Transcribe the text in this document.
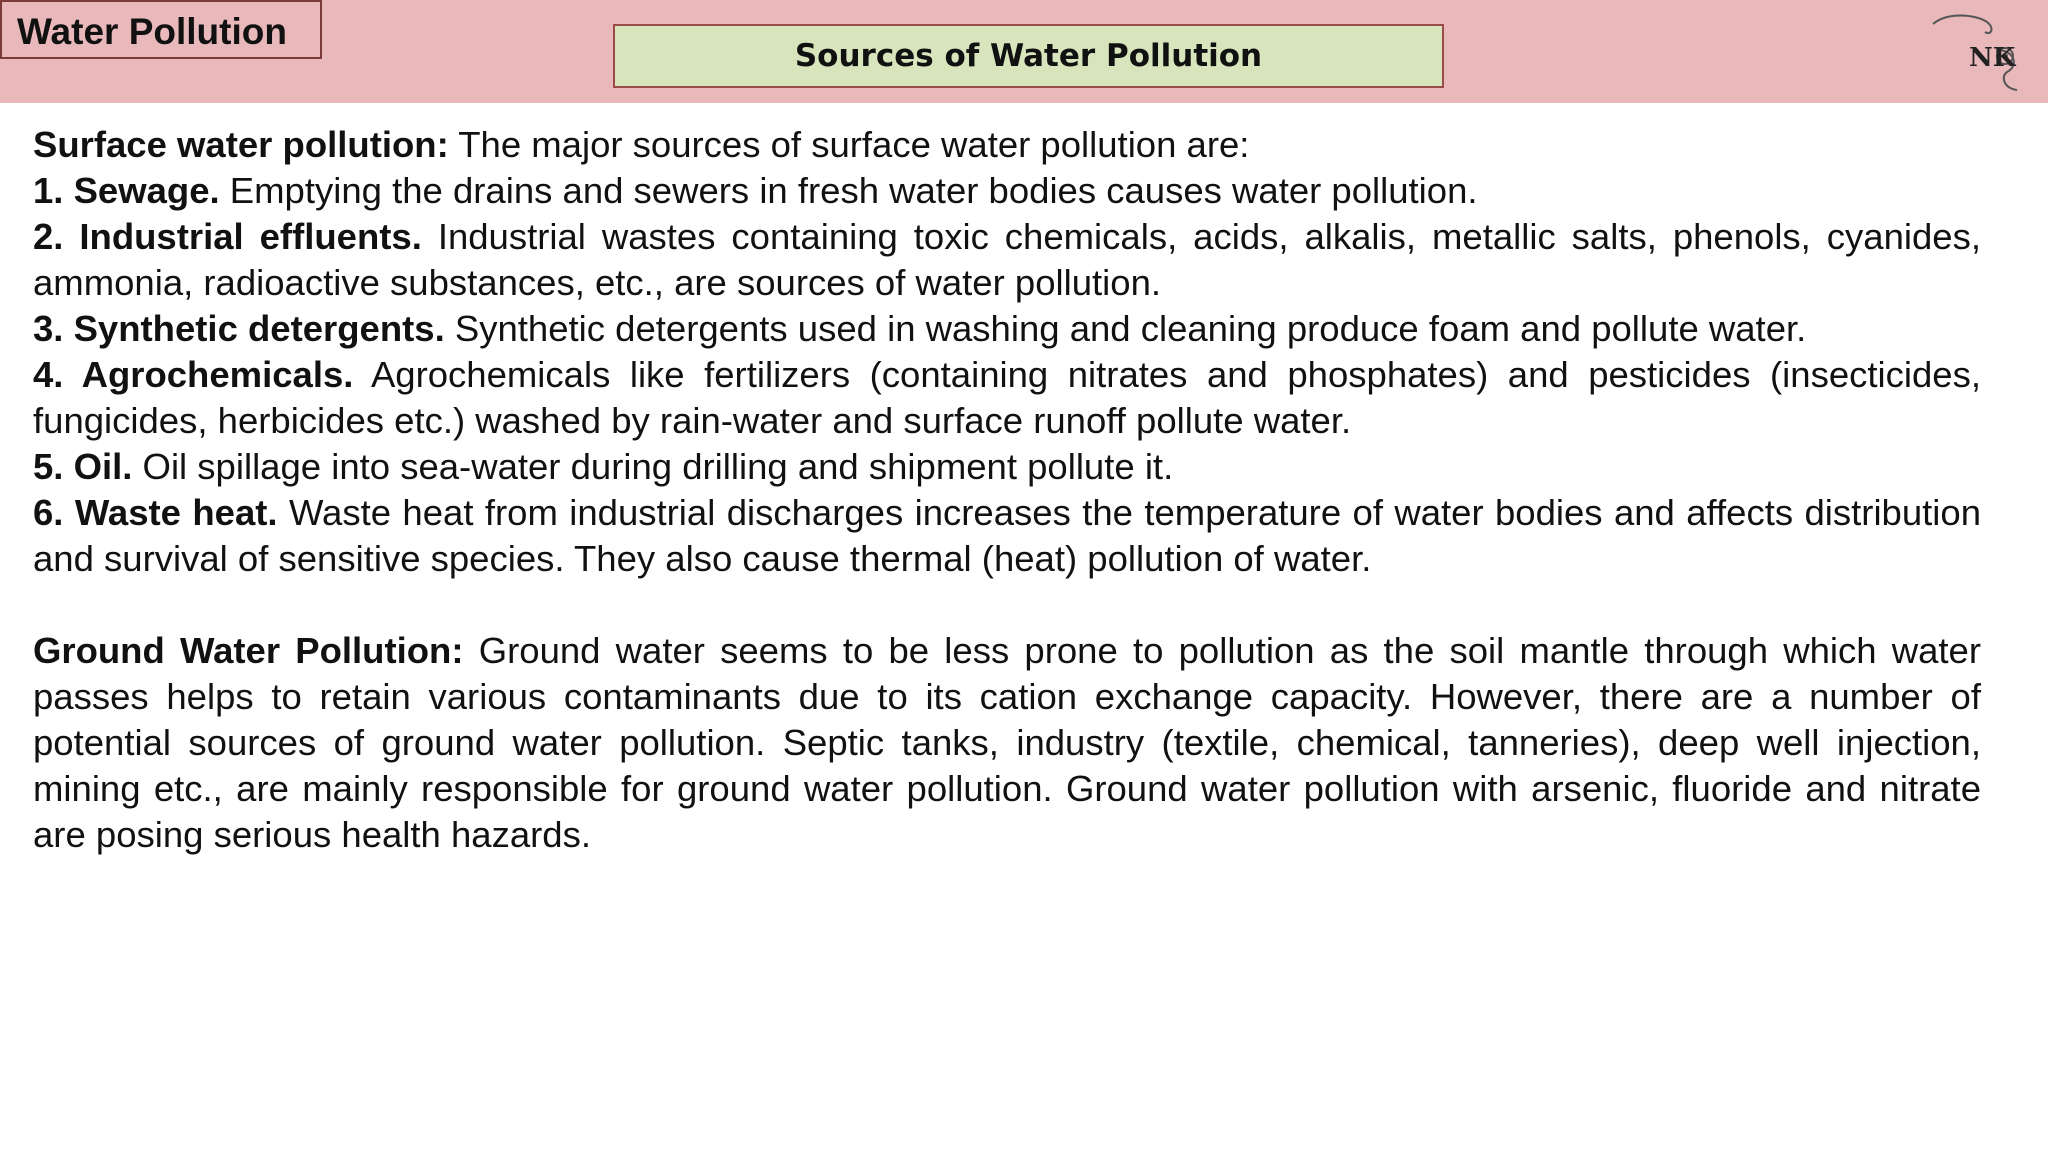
Water Pollution
Sources of Water Pollution	NK

Surface water pollution: The major sources of surface water pollution are:

1. Sewage. Emptying the drains and sewers in fresh water bodies causes water pollution.

2. Industrial effluents. Industrial wastes containing toxic chemicals, acids, alkalis, metallic salts, phenols, cyanides, ammonia, radioactive substances, etc., are sources of water pollution.

3. Synthetic detergents. Synthetic detergents used in washing and cleaning produce foam and pollute water.

4. Agrochemicals. Agrochemicals like fertilizers (containing nitrates and phosphates) and pesticides (insecticides, fungicides, herbicides etc.) washed by rain-water and surface runoff pollute water.

5. Oil. Oil spillage into sea-water during drilling and shipment pollute it.

6. Waste heat. Waste heat from industrial discharges increases the temperature of water bodies and affects distribution and survival of sensitive species. They also cause thermal (heat) pollution of water.

Ground Water Pollution: Ground water seems to be less prone to pollution as the soil mantle through which water passes helps to retain various contaminants due to its cation exchange capacity. However, there are a number of potential sources of ground water pollution. Septic tanks, industry (textile, chemical, tanneries), deep well injection, mining etc., are mainly responsible for ground water pollution. Ground water pollution with arsenic, fluoride and nitrate are posing serious health hazards.
